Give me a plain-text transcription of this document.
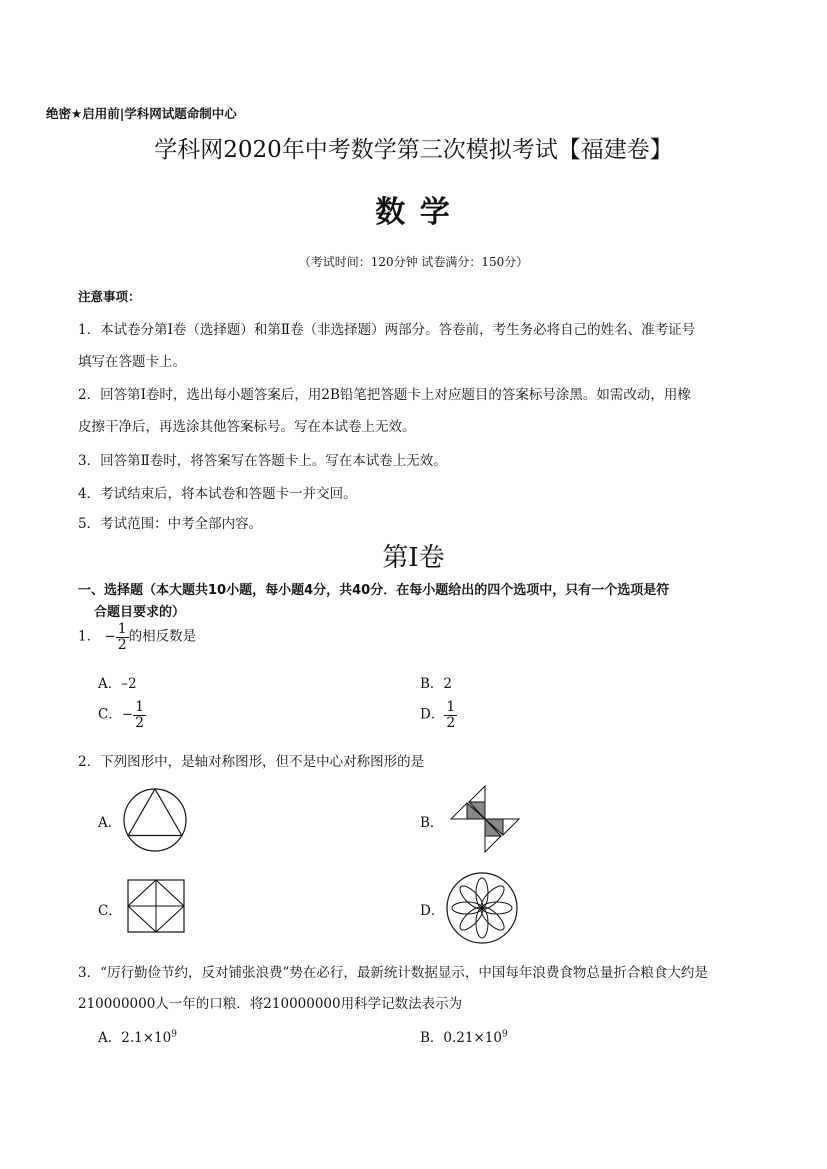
绝密★启用前|学科网试题命制中心
学科网2020年中考数学第三次模拟考试【福建卷】
数 学
（考试时间：120分钟 试卷满分：150分）
注意事项：
1．本试卷分第Ⅰ卷（选择题）和第Ⅱ卷（非选择题）两部分。答卷前，考生务必将自己的姓名、准考证号
填写在答题卡上。
2．回答第Ⅰ卷时，选出每小题答案后，用2B铅笔把答题卡上对应题目的答案标号涂黑。如需改动，用橡
皮擦干净后，再选涂其他答案标号。写在本试卷上无效。
3．回答第Ⅱ卷时，将答案写在答题卡上。写在本试卷上无效。
4．考试结束后，将本试卷和答题卡一并交回。
5．考试范围：中考全部内容。
第Ⅰ卷
一、选择题（本大题共10小题，每小题4分，共40分．在每小题给出的四个选项中，只有一个选项是符
合题目要求的）
1． − $\frac{1}{2}$ 的相反数是
A．–2	B．2
C．− $\frac{1}{2}$	D． $\frac{1}{2}$
2．下列图形中，是轴对称图形，但不是中心对称图形的是
A．	B．
C．	D．
3．“厉行勤俭节约，反对铺张浪费”势在必行，最新统计数据显示，中国每年浪费食物总量折合粮食大约是
210000000人一年的口粮．将210000000用科学记数法表示为
A．$2.1\times 10^9$	B．$0.21\times 10^9$
